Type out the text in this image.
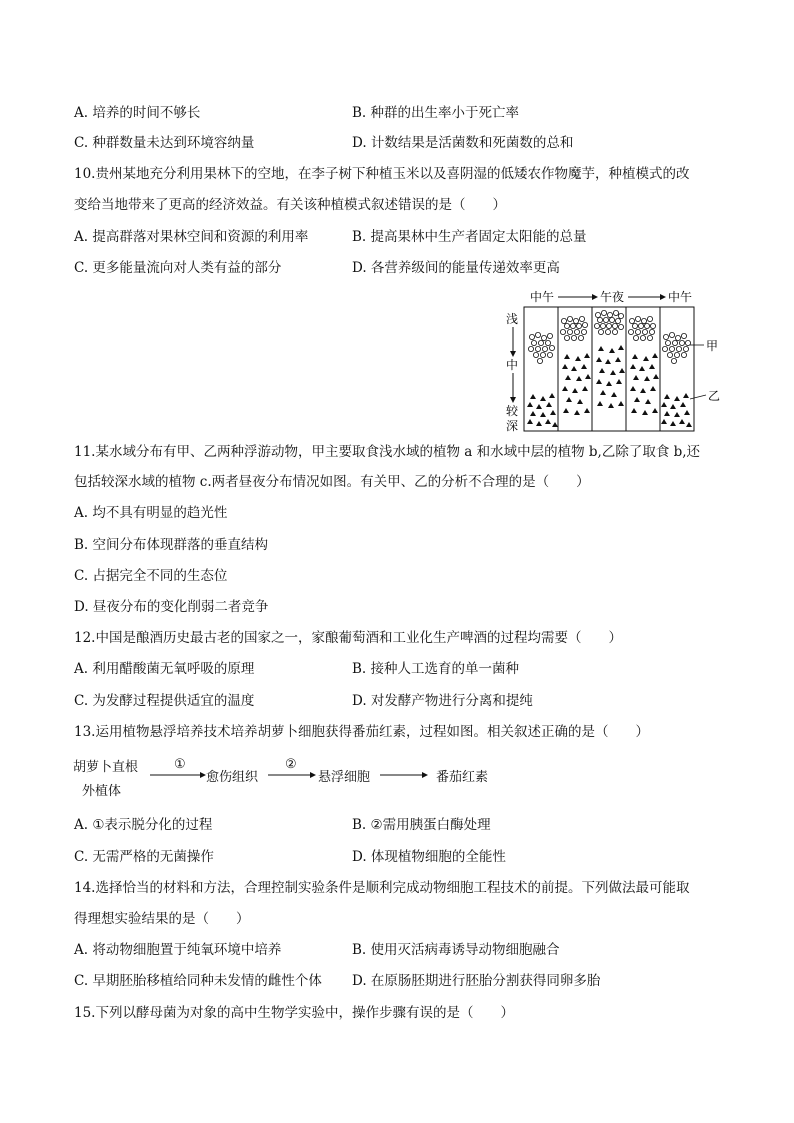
A. 培养的时间不够长	B. 种群的出生率小于死亡率
C. 种群数量未达到环境容纳量	D. 计数结果是活菌数和死菌数的总和
10.贵州某地充分利用果林下的空地，在李子树下种植玉米以及喜阴湿的低矮农作物魔芋，种植模式的改
变给当地带来了更高的经济效益。有关该种植模式叙述错误的是（　　）
A. 提高群落对果林空间和资源的利用率	B. 提高果林中生产者固定太阳能的总量
C. 更多能量流向对人类有益的部分	D. 各营养级间的能量传递效率更高
中午	午夜	中午
浅
中
较
深
甲
乙
11.某水域分布有甲、乙两种浮游动物，甲主要取食浅水域的植物 a 和水域中层的植物 b,乙除了取食 b,还
包括较深水域的植物 c.两者昼夜分布情况如图。有关甲、乙的分析不合理的是（　　）
A. 均不具有明显的趋光性
B. 空间分布体现群落的垂直结构
C. 占据完全不同的生态位
D. 昼夜分布的变化削弱二者竞争
12.中国是酿酒历史最古老的国家之一，家酿葡萄酒和工业化生产啤酒的过程均需要（　　）
A. 利用醋酸菌无氧呼吸的原理	B. 接种人工选育的单一菌种
C. 为发酵过程提供适宜的温度	D. 对发酵产物进行分离和提纯
13.运用植物悬浮培养技术培养胡萝卜细胞获得番茄红素，过程如图。相关叙述正确的是（　　）
胡萝卜直根
外植体
①
愈伤组织
②
悬浮细胞	番茄红素
A. ①表示脱分化的过程	B. ②需用胰蛋白酶处理
C. 无需严格的无菌操作	D. 体现植物细胞的全能性
14.选择恰当的材料和方法，合理控制实验条件是顺利完成动物细胞工程技术的前提。下列做法最可能取
得理想实验结果的是（　　）
A. 将动物细胞置于纯氧环境中培养	B. 使用灭活病毒诱导动物细胞融合
C. 早期胚胎移植给同种未发情的雌性个体 D. 在原肠胚期进行胚胎分割获得同卵多胎
15.下列以酵母菌为对象的高中生物学实验中，操作步骤有误的是（　　）
